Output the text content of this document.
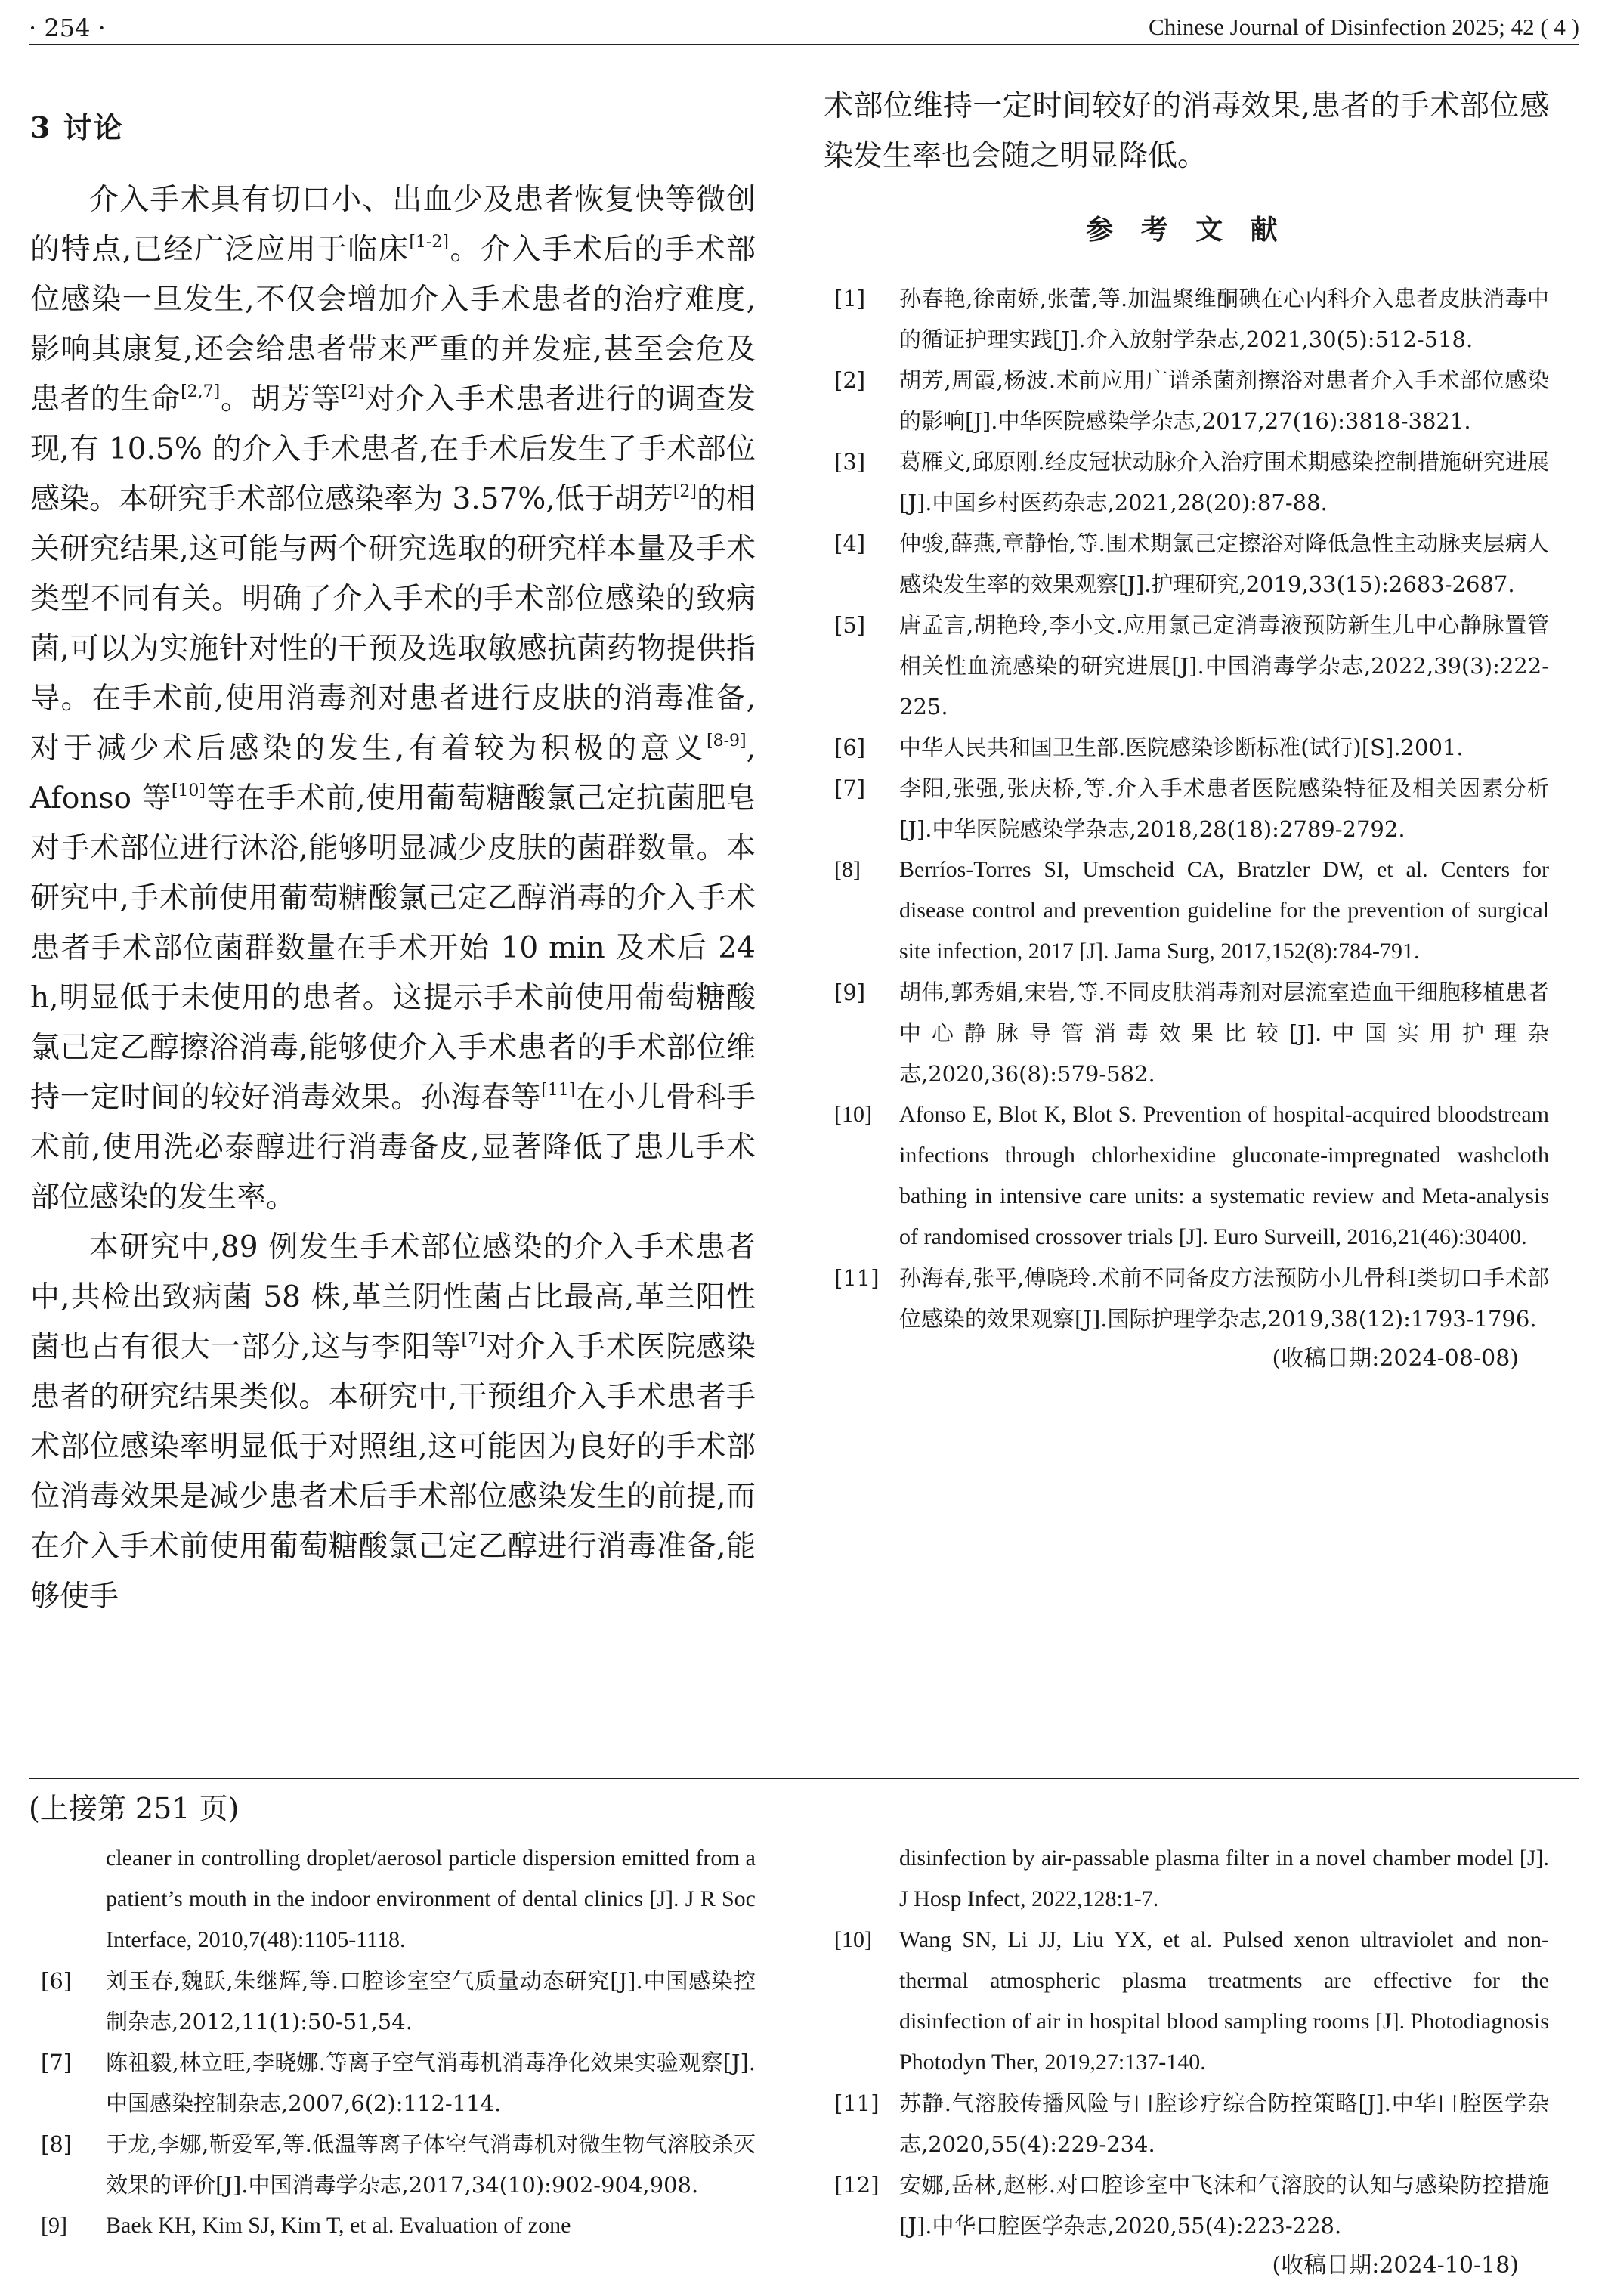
· 254 ·	Chinese Journal of Disinfection 2025; 42 ( 4 )
3 讨论

介入手术具有切口小、出血少及患者恢复快等微创的特点,已经广泛应用于临床[1-2]。介入手术后的手术部位感染一旦发生,不仅会增加介入手术患者的治疗难度,影响其康复,还会给患者带来严重的并发症,甚至会危及患者的生命[2,7]。胡芳等[2]对介入手术患者进行的调查发现,有 10.5% 的介入手术患者,在手术后发生了手术部位感染。本研究手术部位感染率为 3.57%,低于胡芳[2]的相关研究结果,这可能与两个研究选取的研究样本量及手术类型不同有关。明确了介入手术的手术部位感染的致病菌,可以为实施针对性的干预及选取敏感抗菌药物提供指导。在手术前,使用消毒剂对患者进行皮肤的消毒准备,对于减少术后感染的发生,有着较为积极的意义[8-9], Afonso 等[10]等在手术前,使用葡萄糖酸氯己定抗菌肥皂对手术部位进行沐浴,能够明显减少皮肤的菌群数量。本研究中,手术前使用葡萄糖酸氯己定乙醇消毒的介入手术患者手术部位菌群数量在手术开始 10 min 及术后 24 h,明显低于未使用的患者。这提示手术前使用葡萄糖酸氯己定乙醇擦浴消毒,能够使介入手术患者的手术部位维持一定时间的较好消毒效果。孙海春等[11]在小儿骨科手术前,使用洗必泰醇进行消毒备皮,显著降低了患儿手术部位感染的发生率。

本研究中,89 例发生手术部位感染的介入手术患者中,共检出致病菌 58 株,革兰阴性菌占比最高,革兰阳性菌也占有很大一部分,这与李阳等[7]对介入手术医院感染患者的研究结果类似。本研究中,干预组介入手术患者手术部位感染率明显低于对照组,这可能因为良好的手术部位消毒效果是减少患者术后手术部位感染发生的前提,而在介入手术前使用葡萄糖酸氯己定乙醇进行消毒准备,能够使手

术部位维持一定时间较好的消毒效果,患者的手术部位感染发生率也会随之明显降低。

参 考 文 献

[1] 孙春艳,徐南娇,张蕾,等.加温聚维酮碘在心内科介入患者皮肤消毒中的循证护理实践[J].介入放射学杂志,2021,30(5):512-518.

[2] 胡芳,周霞,杨波.术前应用广谱杀菌剂擦浴对患者介入手术部位感染的影响[J].中华医院感染学杂志,2017,27(16):3818-3821.

[3] 葛雁文,邱原刚.经皮冠状动脉介入治疗围术期感染控制措施研究进展[J].中国乡村医药杂志,2021,28(20):87-88.

[4] 仲骏,薛燕,章静怡,等.围术期氯己定擦浴对降低急性主动脉夹层病人感染发生率的效果观察[J].护理研究,2019,33(15):2683-2687.

[5] 唐孟言,胡艳玲,李小文.应用氯己定消毒液预防新生儿中心静脉置管相关性血流感染的研究进展[J].中国消毒学杂志,2022,39(3):222-225.

[6] 中华人民共和国卫生部.医院感染诊断标准(试行)[S].2001.

[7] 李阳,张强,张庆桥,等.介入手术患者医院感染特征及相关因素分析[J].中华医院感染学杂志,2018,28(18):2789-2792.

[8] Berríos-Torres SI, Umscheid CA, Bratzler DW, et al. Centers for disease control and prevention guideline for the prevention of surgical site infection, 2017 [J]. Jama Surg, 2017,152(8):784-791.

[9] 胡伟,郭秀娟,宋岩,等.不同皮肤消毒剂对层流室造血干细胞移植患者中心静脉导管消毒效果比较[J].中国实用护理杂志,2020,36(8):579-582.

[10] Afonso E, Blot K, Blot S. Prevention of hospital-acquired bloodstream infections through chlorhexidine gluconate-impregnated washcloth bathing in intensive care units: a systematic review and Meta-analysis of randomised crossover trials [J]. Euro Surveill, 2016,21(46):30400.

[11] 孙海春,张平,傅晓玲.术前不同备皮方法预防小儿骨科Ⅰ类切口手术部位感染的效果观察[J].国际护理学杂志,2019,38(12):1793-1796.

(收稿日期:2024-08-08)
(上接第 251 页)

cleaner in controlling droplet/aerosol particle dispersion emitted from a patient’s mouth in the indoor environment of dental clinics [J]. J R Soc Interface, 2010,7(48):1105-1118.

[6] 刘玉春,魏跃,朱继辉,等.口腔诊室空气质量动态研究[J].中国感染控制杂志,2012,11(1):50-51,54.

[7] 陈祖毅,林立旺,李晓娜.等离子空气消毒机消毒净化效果实验观察[J].中国感染控制杂志,2007,6(2):112-114.

[8] 于龙,李娜,靳爱军,等.低温等离子体空气消毒机对微生物气溶胶杀灭效果的评价[J].中国消毒学杂志,2017,34(10):902-904,908.

[9] Baek KH, Kim SJ, Kim T, et al. Evaluation of zone

disinfection by air-passable plasma filter in a novel chamber model [J]. J Hosp Infect, 2022,128:1-7.

[10] Wang SN, Li JJ, Liu YX, et al. Pulsed xenon ultraviolet and non-thermal atmospheric plasma treatments are effective for the disinfection of air in hospital blood sampling rooms [J]. Photodiagnosis Photodyn Ther, 2019,27:137-140.

[11] 苏静.气溶胶传播风险与口腔诊疗综合防控策略[J].中华口腔医学杂志,2020,55(4):229-234.

[12] 安娜,岳林,赵彬.对口腔诊室中飞沫和气溶胶的认知与感染防控措施[J].中华口腔医学杂志,2020,55(4):223-228.

(收稿日期:2024-10-18)
